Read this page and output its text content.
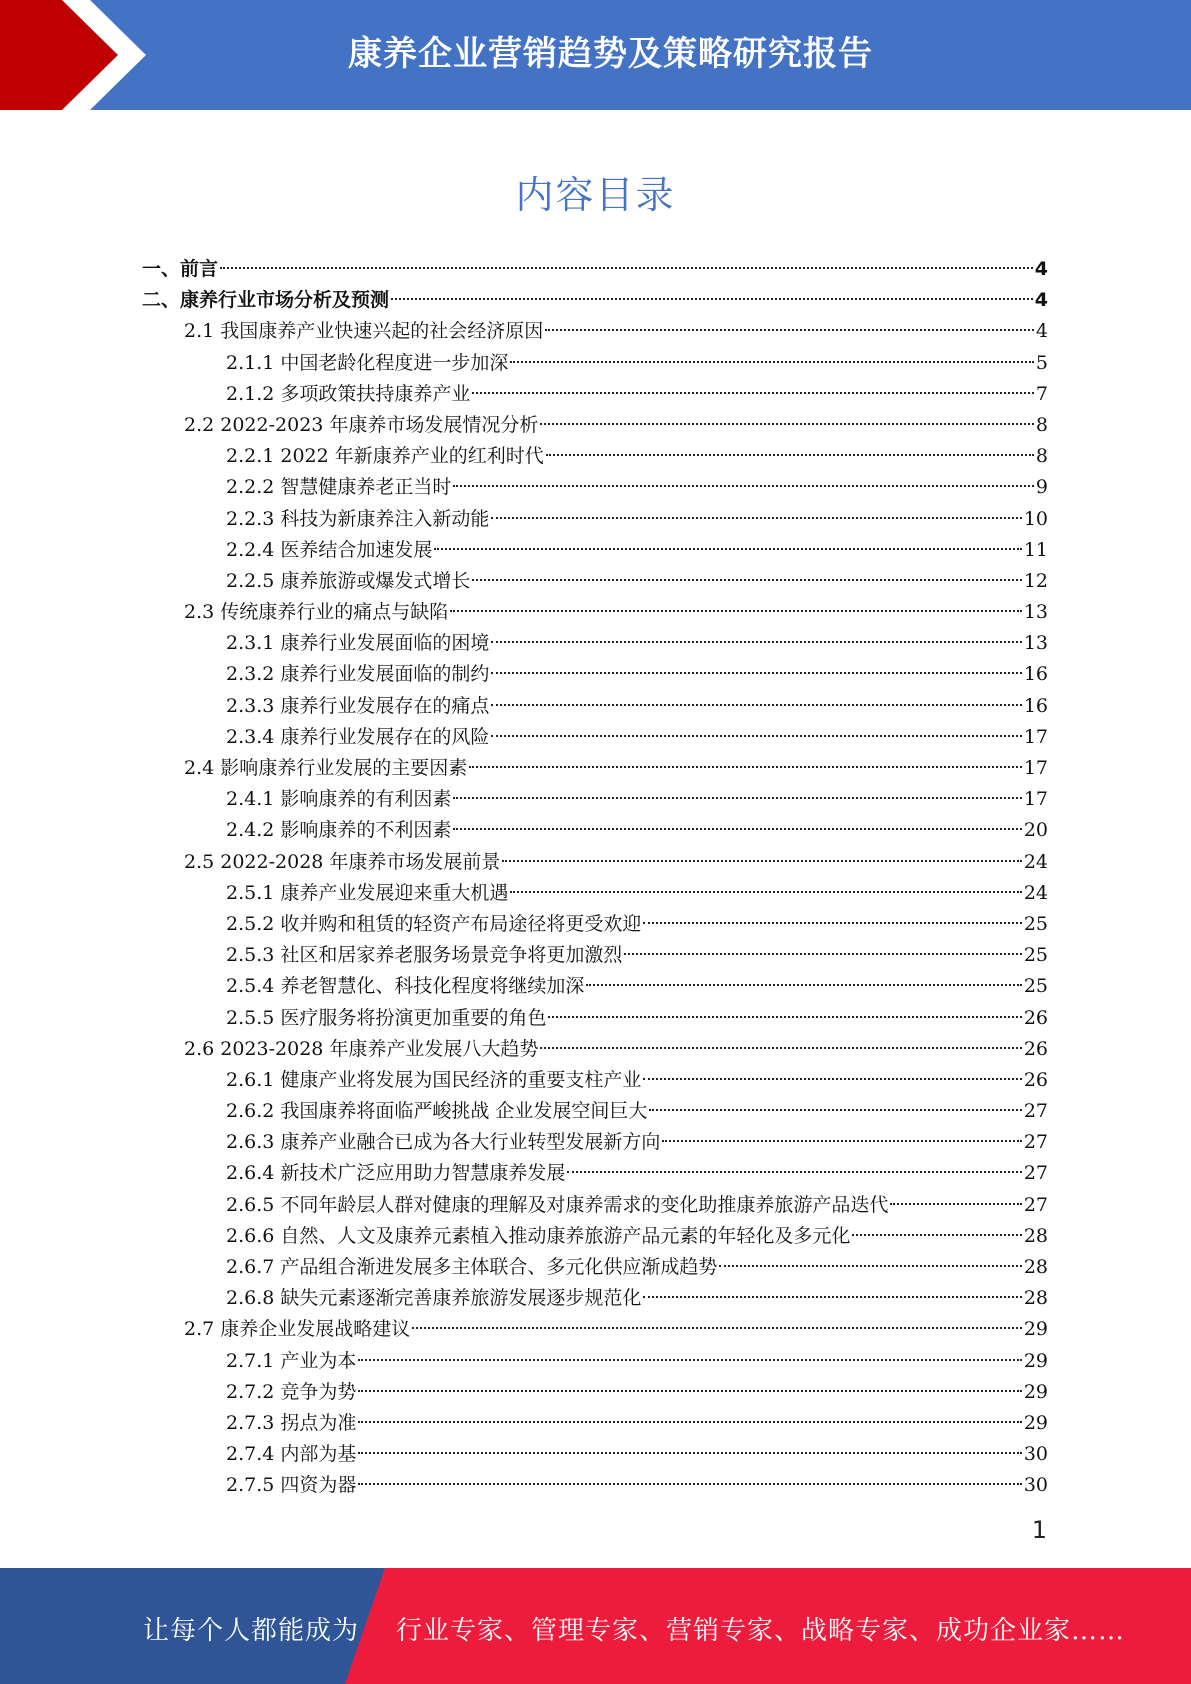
康养企业营销趋势及策略研究报告
内容目录
一、前言	4
二、康养行业市场分析及预测	4
2.1 我国康养产业快速兴起的社会经济原因	4
2.1.1 中国老龄化程度进一步加深	5
2.1.2 多项政策扶持康养产业	7
2.2 2022-2023 年康养市场发展情况分析	8
2.2.1 2022 年新康养产业的红利时代	8
2.2.2 智慧健康养老正当时	9
2.2.3 科技为新康养注入新动能	10
2.2.4 医养结合加速发展	11
2.2.5 康养旅游或爆发式增长	12
2.3 传统康养行业的痛点与缺陷	13
2.3.1 康养行业发展面临的困境	13
2.3.2 康养行业发展面临的制约	16
2.3.3 康养行业发展存在的痛点	16
2.3.4 康养行业发展存在的风险	17
2.4 影响康养行业发展的主要因素	17
2.4.1 影响康养的有利因素	17
2.4.2 影响康养的不利因素	20
2.5 2022-2028 年康养市场发展前景	24
2.5.1 康养产业发展迎来重大机遇	24
2.5.2 收并购和租赁的轻资产布局途径将更受欢迎	25
2.5.3 社区和居家养老服务场景竞争将更加激烈	25
2.5.4 养老智慧化、科技化程度将继续加深	25
2.5.5 医疗服务将扮演更加重要的角色	26
2.6 2023-2028 年康养产业发展八大趋势	26
2.6.1 健康产业将发展为国民经济的重要支柱产业	26
2.6.2 我国康养将面临严峻挑战 企业发展空间巨大	27
2.6.3 康养产业融合已成为各大行业转型发展新方向	27
2.6.4 新技术广泛应用助力智慧康养发展	27
2.6.5 不同年龄层人群对健康的理解及对康养需求的变化助推康养旅游产品迭代	27
2.6.6 自然、人文及康养元素植入推动康养旅游产品元素的年轻化及多元化	28
2.6.7 产品组合渐进发展多主体联合、多元化供应渐成趋势	28
2.6.8 缺失元素逐渐完善康养旅游发展逐步规范化	28
2.7 康养企业发展战略建议	29
2.7.1 产业为本	29
2.7.2 竞争为势	29
2.7.3 拐点为准	29
2.7.4 内部为基	30
2.7.5 四资为器	30
1
让每个人都能成为 行业专家、管理专家、营销专家、战略专家、成功企业家……
